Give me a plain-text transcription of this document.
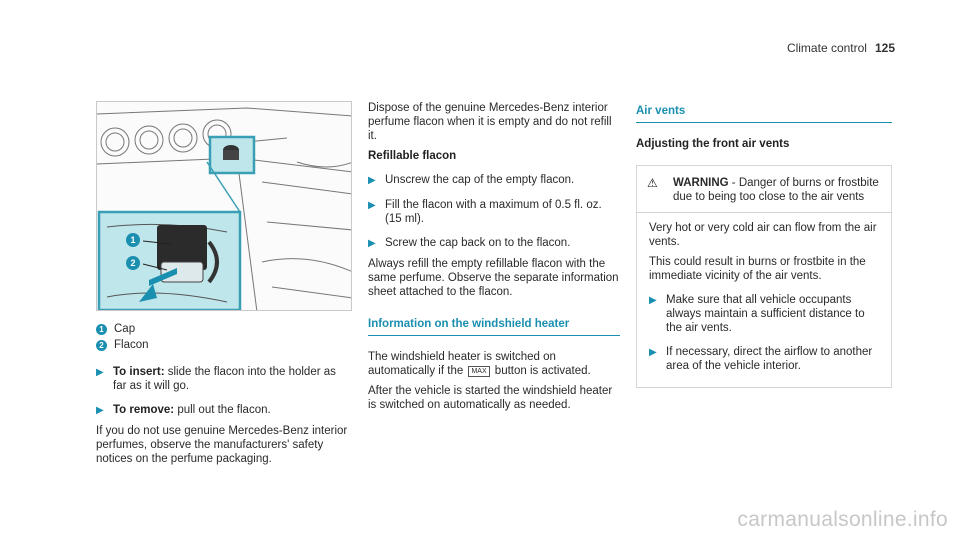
Climate control 125
1
2
1 Cap
2 Flacon
▶ To insert: slide the flacon into the holder as far as it will go.
▶ To remove: pull out the flacon.

If you do not use genuine Mercedes-Benz interior perfumes, observe the manufacturers' safety notices on the perfume packaging.

Dispose of the genuine Mercedes-Benz interior perfume flacon when it is empty and do not refill it.

Refillable flacon
▶ Unscrew the cap of the empty flacon.
▶ Fill the flacon with a maximum of 0.5 fl. oz. (15 ml).
▶ Screw the cap back on to the flacon.

Always refill the empty refillable flacon with the same perfume. Observe the separate information sheet attached to the flacon.

Information on the windshield heater

The windshield heater is switched on automatically if the MAX button is activated.

After the vehicle is started the windshield heater is switched on automatically as needed.

Air vents
Adjusting the front air vents
⚠	WARNING - Danger of burns or frostbite due to being too close to the air vents

Very hot or very cold air can flow from the air vents.

This could result in burns or frostbite in the immediate vicinity of the air vents.

▶ Make sure that all vehicle occupants always maintain a sufficient distance to the air vents.
▶ If necessary, direct the airflow to another area of the vehicle interior.
carmanualsonline.info
